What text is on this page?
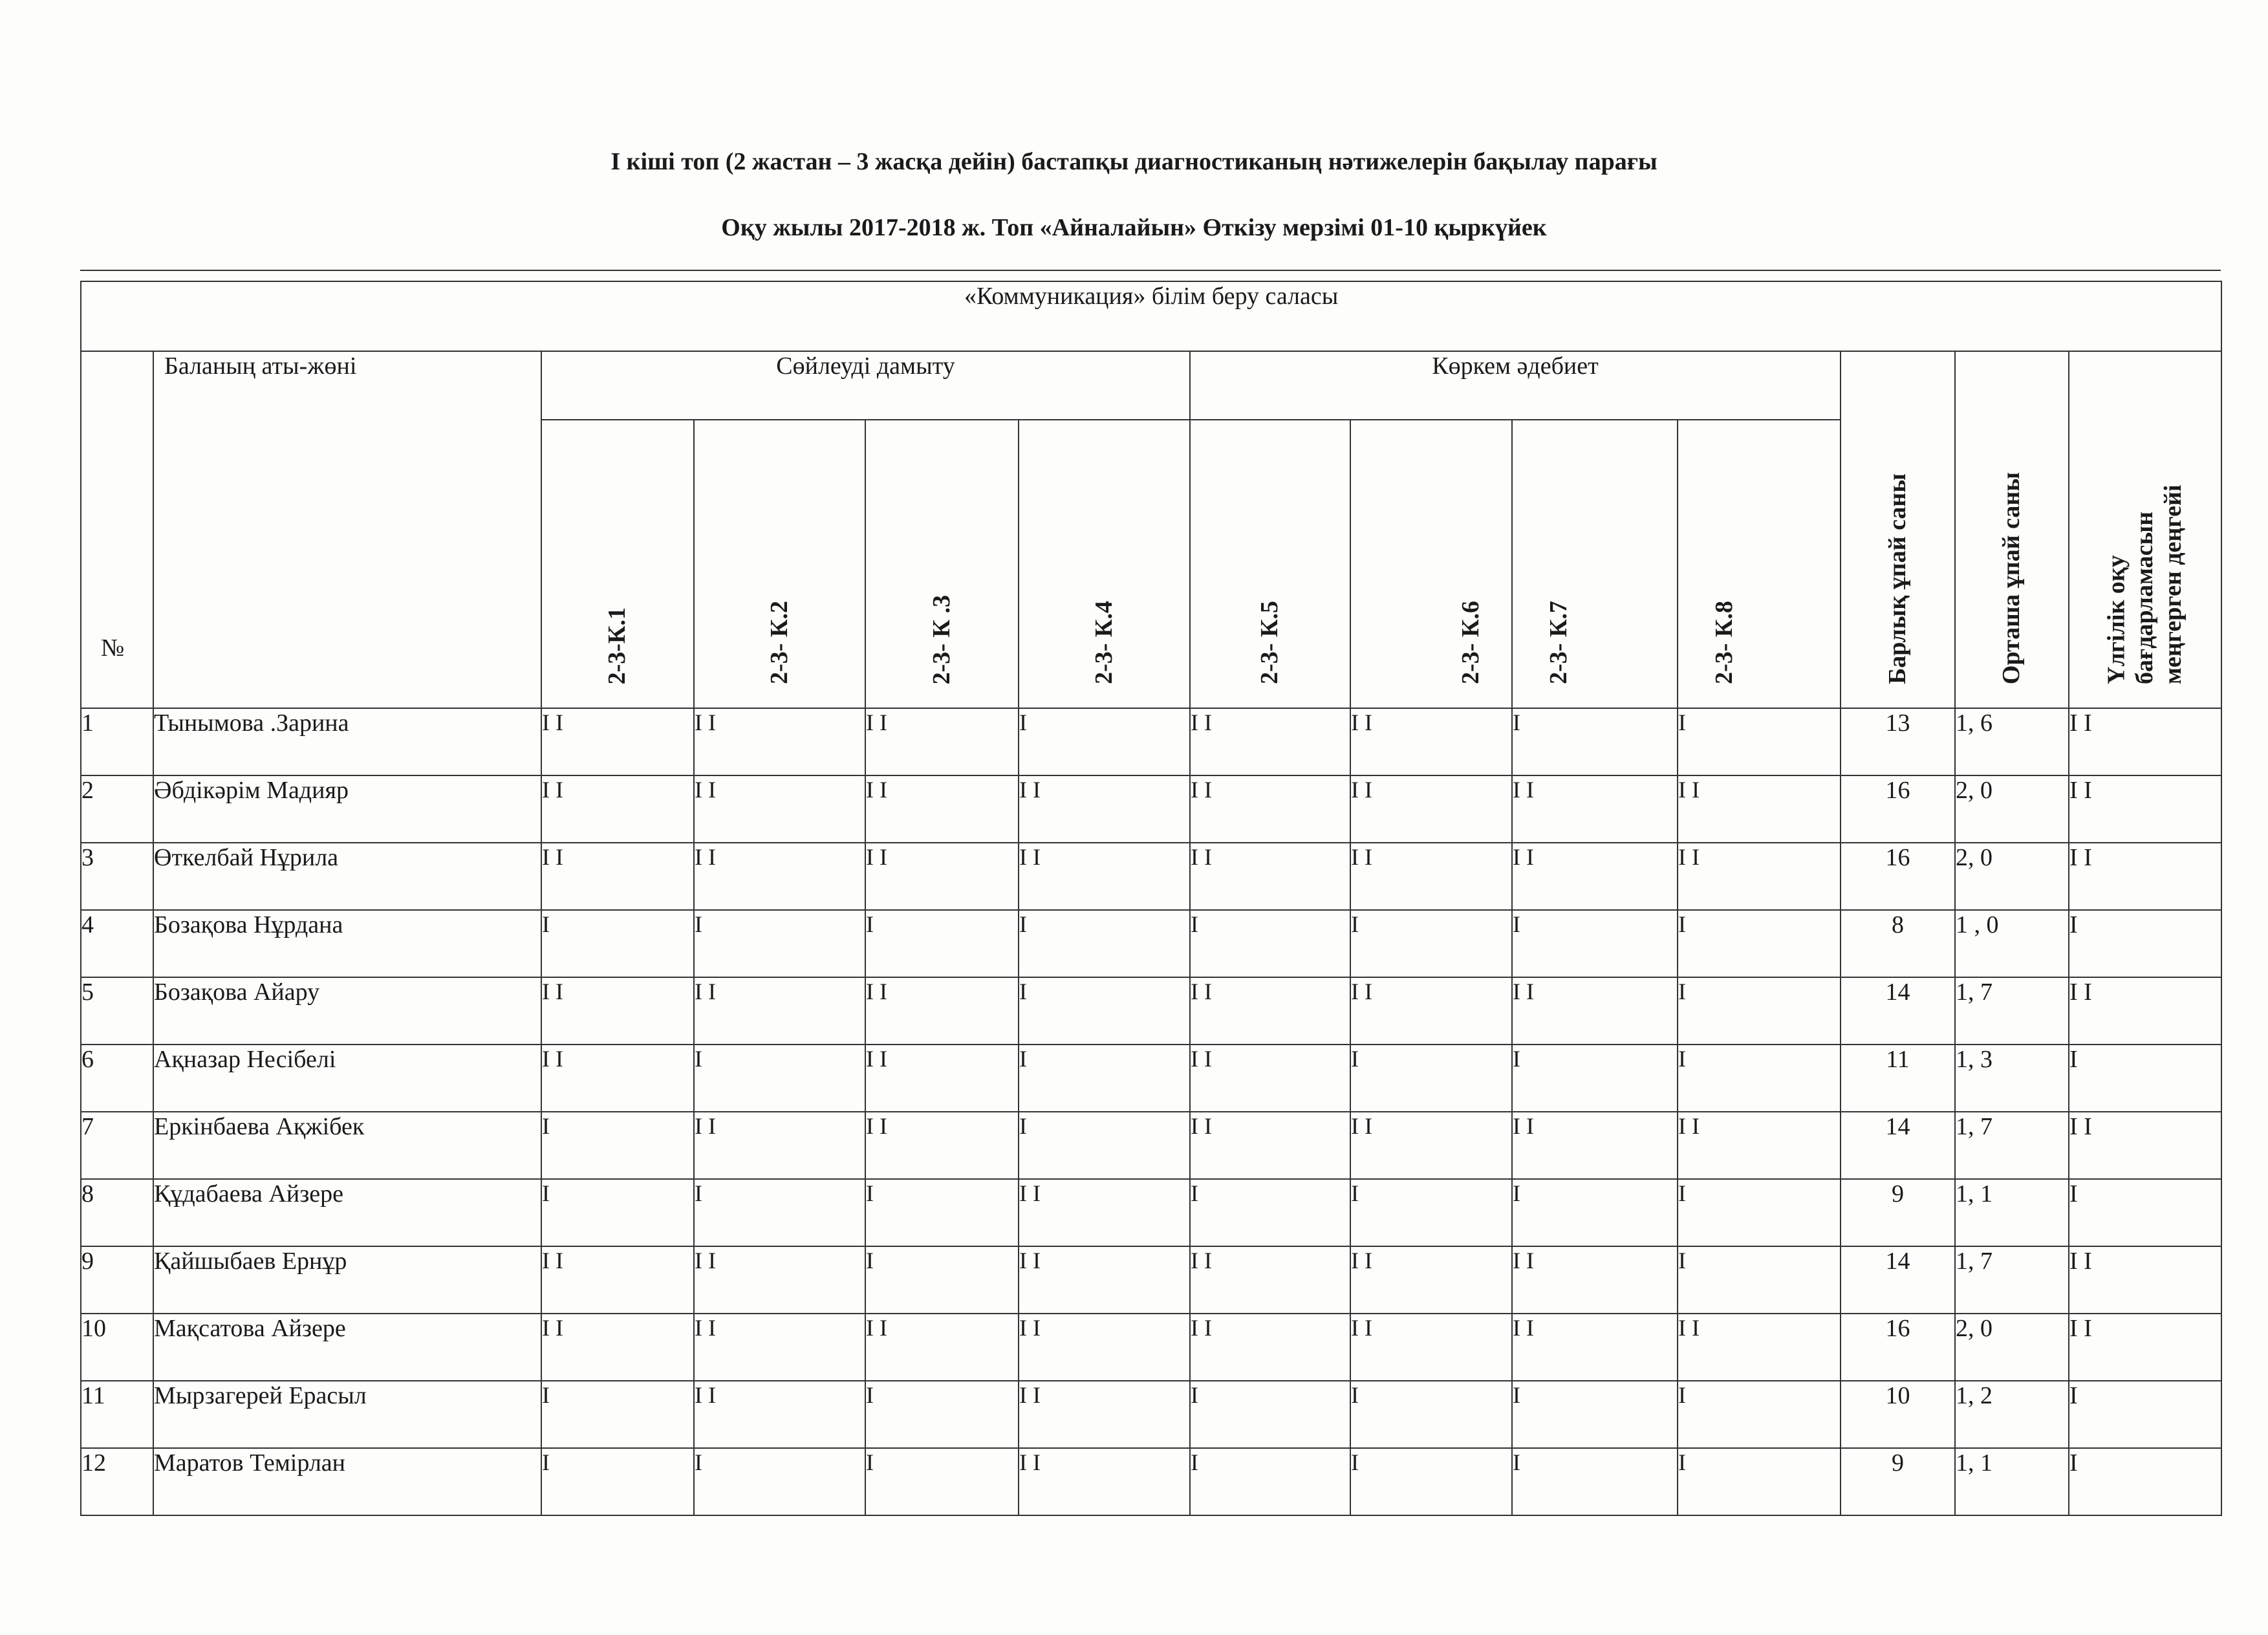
I кіші топ (2 жастан – 3 жасқа дейін) бастапқы диагностиканың нәтижелерін бақылау парағы
Оқу жылы 2017-2018 ж. Топ «Айналайын» Өткізу мерзімі 01-10 қыркүйек
«Коммуникация» білім беру саласы												
№	Баланың аты-жөні	Сөйлеуді дамыту				Көркем әдебиет				Барлық ұпай саны	Орташа ұпай саны	Үлгілік оқу бағдарламасын меңгерген деңгейі

		2-3-К.1	2-3- К.2	2-3- К .3	2-3- К.4	2-3- К.5	2-3- К.6	2-3- К.7	2-3- К.8			

1	Тынымова .Зарина	I I	I I	I I	I	I I	I I	I	I	13	1, 6	I I
2	Әбдікәрім Мадияр	I I	I I	I I	I I	I I	I I	I I	I I	16	2, 0	I I
3	Өткелбай Нұрила	I I	I I	I I	I I	I I	I I	I I	I I	16	2, 0	I I
4	Бозақова Нұрдана	I	I	I	I	I	I	I	I	8	1 , 0	I
5	Бозақова Айару	I I	I I	I I	I	I I	I I	I I	I	14	1, 7	I I
6	Ақназар Несібелі	I I	I	I I	I	I I	I	I	I	11	1, 3	I
7	Еркінбаева Ақжібек	I	I I	I I	I	I I	I I	I I	I I	14	1, 7	I I
8	Құдабаева Айзере	I	I	I	I I	I	I	I	I	9	1, 1	I
9	Қайшыбаев Ернұр	I I	I I	I	I I	I I	I I	I I	I	14	1, 7	I I
10	Мақсатова Айзере	I I	I I	I I	I I	I I	I I	I I	I I	16	2, 0	I I
11	Мырзагерей Ерасыл	I	I I	I	I I	I	I	I	I	10	1, 2	I
12	Маратов Темірлан	I	I	I	I I	I	I	I	I	9	1, 1	I
